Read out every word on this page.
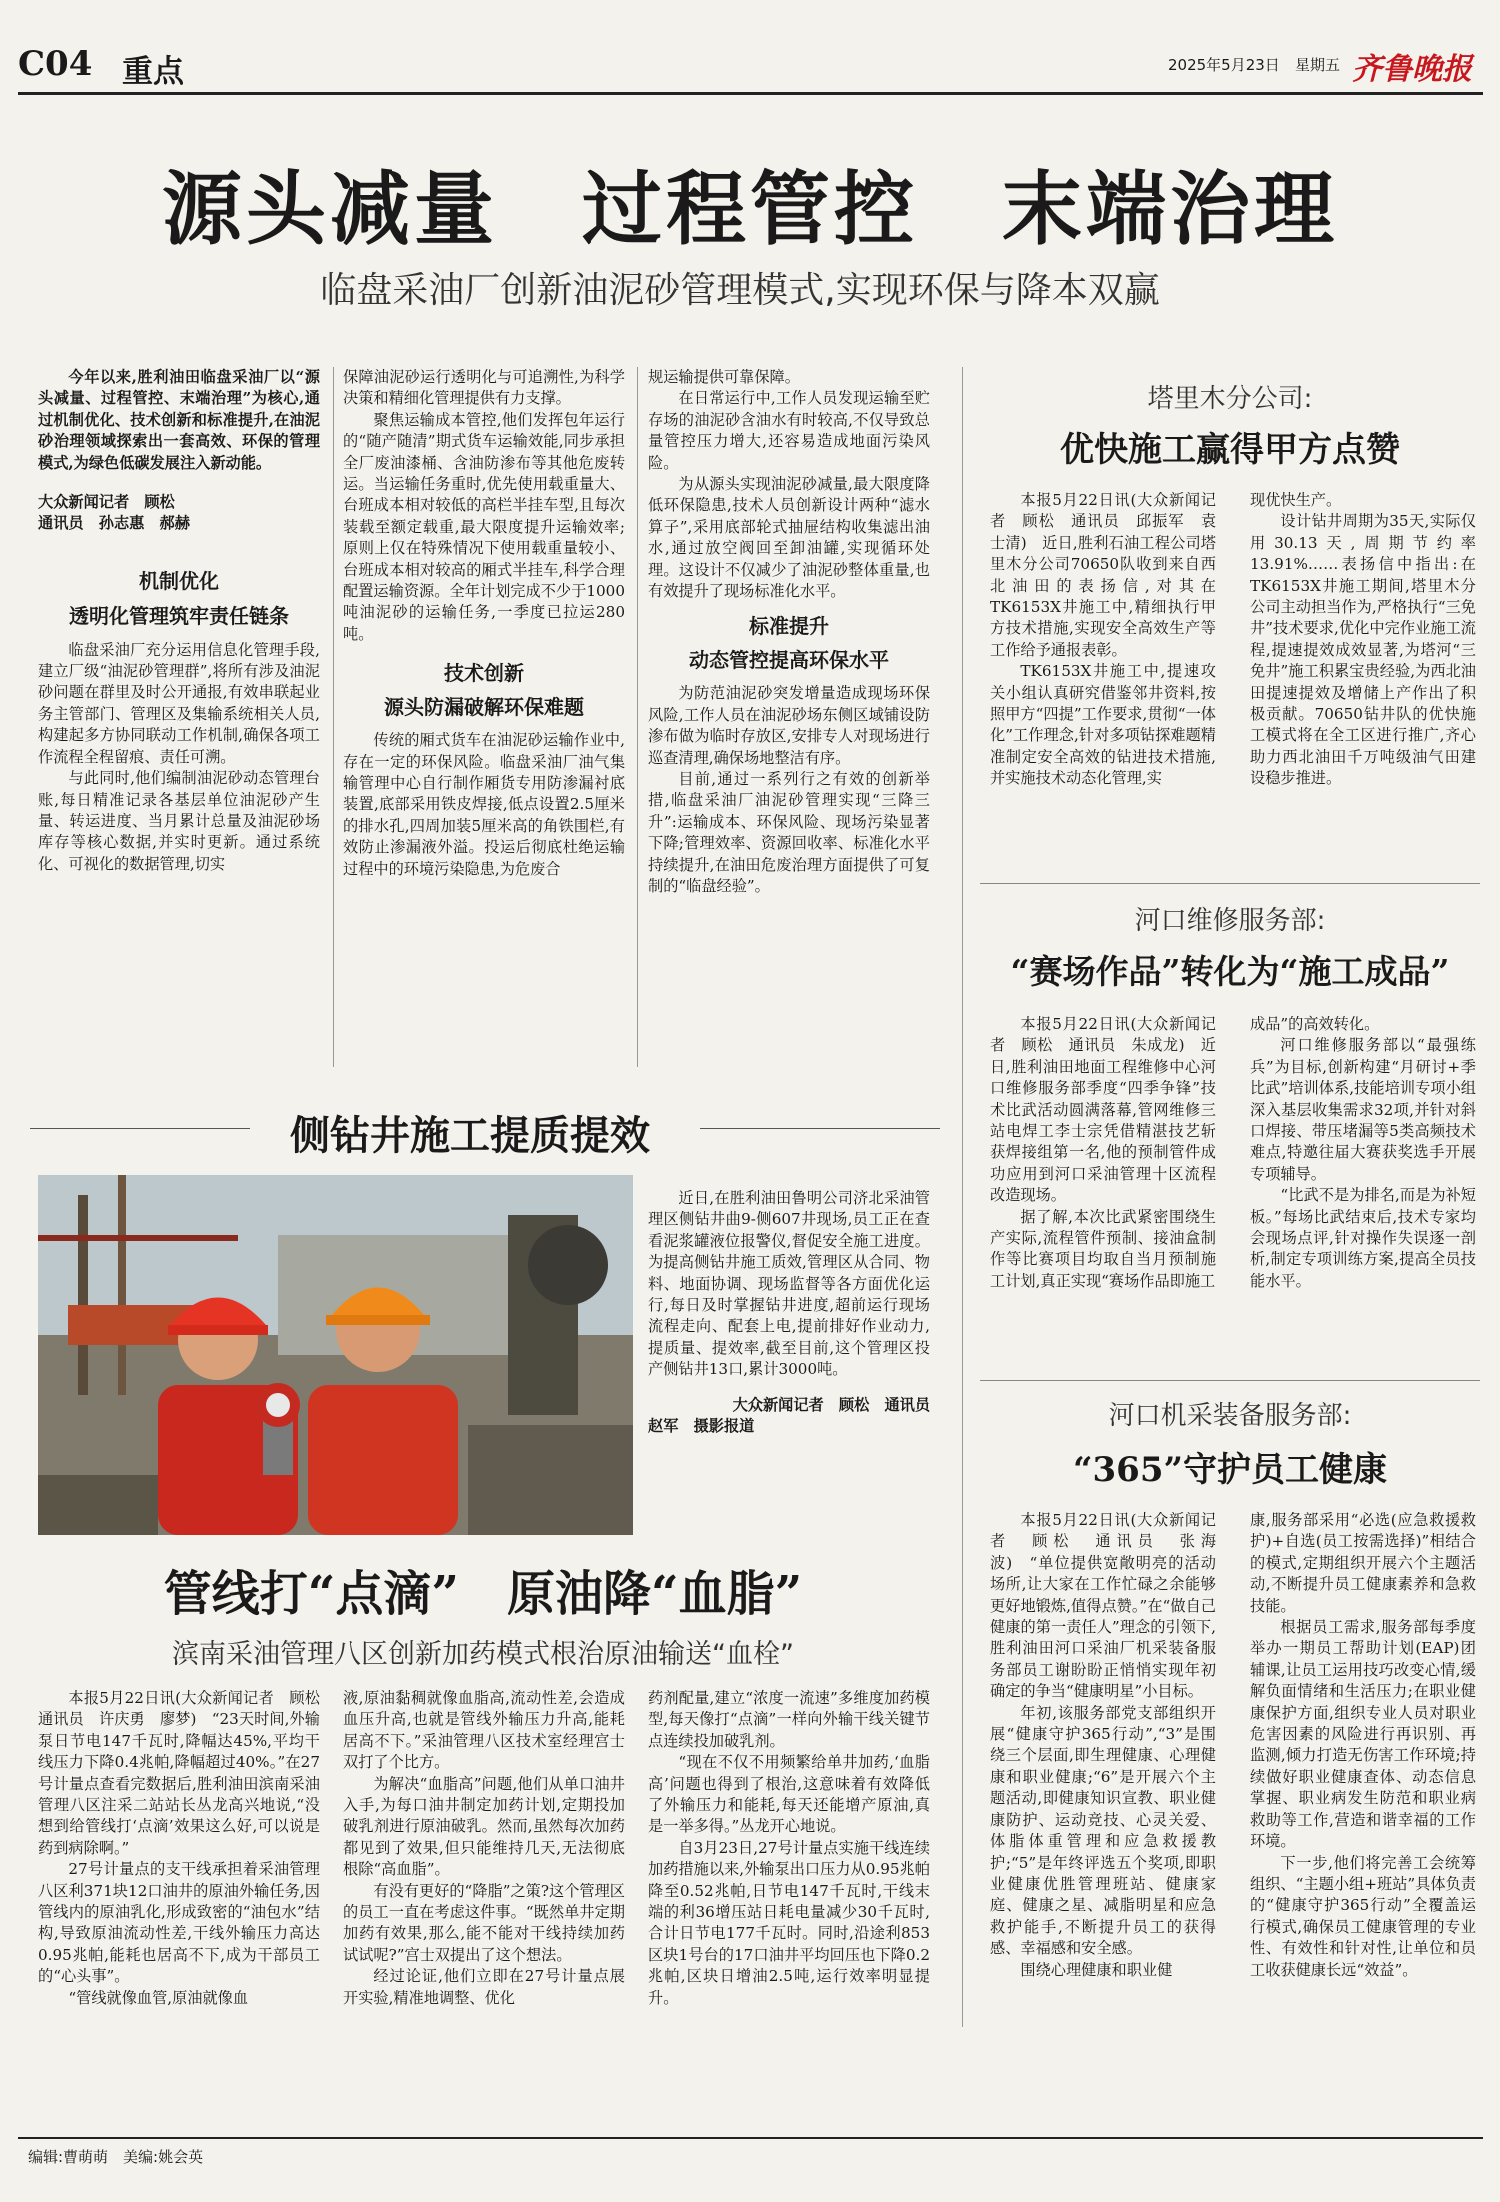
C04 重点	2025年5月23日 星期五 齐鲁晚报
源头减量　过程管控　末端治理
临盘采油厂创新油泥砂管理模式,实现环保与降本双赢

今年以来,胜利油田临盘采油厂以“源头减量、过程管控、末端治理”为核心,通过机制优化、技术创新和标准提升,在油泥砂治理领域探索出一套高效、环保的管理模式,为绿色低碳发展注入新动能。

大众新闻记者　顾松

通讯员　孙志惠　郝赫

机制优化

透明化管理筑牢责任链条

临盘采油厂充分运用信息化管理手段,建立厂级“油泥砂管理群”,将所有涉及油泥砂问题在群里及时公开通报,有效串联起业务主管部门、管理区及集输系统相关人员,构建起多方协同联动工作机制,确保各项工作流程全程留痕、责任可溯。

与此同时,他们编制油泥砂动态管理台账,每日精准记录各基层单位油泥砂产生量、转运进度、当月累计总量及油泥砂场库存等核心数据,并实时更新。通过系统化、可视化的数据管理,切实

保障油泥砂运行透明化与可追溯性,为科学决策和精细化管理提供有力支撑。

聚焦运输成本管控,他们发挥包年运行的“随产随清”期式货车运输效能,同步承担全厂废油漆桶、含油防渗布等其他危废转运。当运输任务重时,优先使用载重量大、台班成本相对较低的高栏半挂车型,且每次装载至额定载重,最大限度提升运输效率;原则上仅在特殊情况下使用载重量较小、台班成本相对较高的厢式半挂车,科学合理配置运输资源。全年计划完成不少于1000吨油泥砂的运输任务,一季度已拉运280吨。

技术创新

源头防漏破解环保难题

传统的厢式货车在油泥砂运输作业中,存在一定的环保风险。临盘采油厂油气集输管理中心自行制作厢货专用防渗漏衬底装置,底部采用铁皮焊接,低点设置2.5厘米的排水孔,四周加装5厘米高的角铁围栏,有效防止渗漏液外溢。投运后彻底杜绝运输过程中的环境污染隐患,为危废合

规运输提供可靠保障。

在日常运行中,工作人员发现运输至贮存场的油泥砂含油水有时较高,不仅导致总量管控压力增大,还容易造成地面污染风险。

为从源头实现油泥砂减量,最大限度降低环保隐患,技术人员创新设计两种“滤水算子”,采用底部轮式抽屉结构收集滤出油水,通过放空阀回至卸油罐,实现循环处理。这设计不仅减少了油泥砂整体重量,也有效提升了现场标准化水平。

标准提升

动态管控提高环保水平

为防范油泥砂突发增量造成现场环保风险,工作人员在油泥砂场东侧区域铺设防渗布做为临时存放区,安排专人对现场进行巡查清理,确保场地整洁有序。

目前,通过一系列行之有效的创新举措,临盘采油厂油泥砂管理实现“三降三升”:运输成本、环保风险、现场污染显著下降;管理效率、资源回收率、标准化水平持续提升,在油田危废治理方面提供了可复制的“临盘经验”。

塔里木分公司:
优快施工赢得甲方点赞

本报5月22日讯(大众新闻记者　顾松　通讯员　邱振军　袁士清)　近日,胜利石油工程公司塔里木分公司70650队收到来自西北油田的表扬信,对其在TK6153X井施工中,精细执行甲方技术措施,实现安全高效生产等工作给予通报表彰。

TK6153X井施工中,提速攻关小组认真研究借鉴邻井资料,按照甲方“四提”工作要求,贯彻“一体化”工作理念,针对多项钻探难题精准制定安全高效的钻进技术措施,并实施技术动态化管理,实

现优快生产。

设计钻井周期为35天,实际仅用30.13天,周期节约率13.91%……表扬信中指出:在TK6153X井施工期间,塔里木分公司主动担当作为,严格执行“三免井”技术要求,优化中完作业施工流程,提速提效成效显著,为塔河“三免井”施工积累宝贵经验,为西北油田提速提效及增储上产作出了积极贡献。70650钻井队的优快施工模式将在全工区进行推广,齐心助力西北油田千万吨级油气田建设稳步推进。

河口维修服务部:
“赛场作品”转化为“施工成品”

本报5月22日讯(大众新闻记者　顾松　通讯员　朱成龙)　近日,胜利油田地面工程维修中心河口维修服务部季度“四季争锋”技术比武活动圆满落幕,管网维修三站电焊工李士宗凭借精湛技艺斩获焊接组第一名,他的预制管件成功应用到河口采油管理十区流程改造现场。

据了解,本次比武紧密围绕生产实际,流程管件预制、接油盒制作等比赛项目均取自当月预制施工计划,真正实现“赛场作品即施工

成品”的高效转化。

河口维修服务部以“最强练兵”为目标,创新构建“月研讨+季比武”培训体系,技能培训专项小组深入基层收集需求32项,并针对斜口焊接、带压堵漏等5类高频技术难点,特邀往届大赛获奖选手开展专项辅导。

“比武不是为排名,而是为补短板。”每场比武结束后,技术专家均会现场点评,针对操作失误逐一剖析,制定专项训练方案,提高全员技能水平。

侧钻井施工提质提效

近日,在胜利油田鲁明公司济北采油管理区侧钻井曲9-侧607井现场,员工正在查看泥浆罐液位报警仪,督促安全施工进度。为提高侧钻井施工质效,管理区从合同、物料、地面协调、现场监督等各方面优化运行,每日及时掌握钻井进度,超前运行现场流程走向、配套上电,提前排好作业动力,提质量、提效率,截至目前,这个管理区投产侧钻井13口,累计3000吨。

大众新闻记者　顾松　通讯员

赵军　摄影报道

管线打“点滴”　原油降“血脂”
滨南采油管理八区创新加药模式根治原油输送“血栓”

本报5月22日讯(大众新闻记者　顾松　通讯员　许庆勇　廖梦)　“23天时间,外输泵日节电147千瓦时,降幅达45%,平均干线压力下降0.4兆帕,降幅超过40%。”在27号计量点查看完数据后,胜利油田滨南采油管理八区注采二站站长丛龙高兴地说,“没想到给管线打‘点滴’效果这么好,可以说是药到病除啊。”

27号计量点的支干线承担着采油管理八区利371块12口油井的原油外输任务,因管线内的原油乳化,形成致密的“油包水”结构,导致原油流动性差,干线外输压力高达0.95兆帕,能耗也居高不下,成为干部员工的“心头事”。

“管线就像血管,原油就像血

液,原油黏稠就像血脂高,流动性差,会造成血压升高,也就是管线外输压力升高,能耗居高不下。”采油管理八区技术室经理宫士双打了个比方。

为解决“血脂高”问题,他们从单口油井入手,为每口油井制定加药计划,定期投加破乳剂进行原油破乳。然而,虽然每次加药都见到了效果,但只能维持几天,无法彻底根除“高血脂”。

有没有更好的“降脂”之策?这个管理区的员工一直在考虑这件事。“既然单井定期加药有效果,那么,能不能对干线持续加药试试呢?”宫士双提出了这个想法。

经过论证,他们立即在27号计量点展开实验,精准地调整、优化

药剂配量,建立“浓度一流速”多维度加药模型,每天像打“点滴”一样向外输干线关键节点连续投加破乳剂。

“现在不仅不用频繁给单井加药,‘血脂高’问题也得到了根治,这意味着有效降低了外输压力和能耗,每天还能增产原油,真是一举多得。”丛龙开心地说。

自3月23日,27号计量点实施干线连续加药措施以来,外输泵出口压力从0.95兆帕降至0.52兆帕,日节电147千瓦时,干线末端的利36增压站日耗电量减少30千瓦时,合计日节电177千瓦时。同时,沿途利853区块1号台的17口油井平均回压也下降0.2兆帕,区块日增油2.5吨,运行效率明显提升。

河口机采装备服务部:
“365”守护员工健康

本报5月22日讯(大众新闻记者　顾松　通讯员　张海波)　“单位提供宽敞明亮的活动场所,让大家在工作忙碌之余能够更好地锻炼,值得点赞。”在“做自己健康的第一责任人”理念的引领下,胜利油田河口采油厂机采装备服务部员工谢盼盼正悄悄实现年初确定的争当“健康明星”小目标。

年初,该服务部党支部组织开展“健康守护365行动”,“3”是围绕三个层面,即生理健康、心理健康和职业健康;“6”是开展六个主题活动,即健康知识宣教、职业健康防护、运动竞技、心灵关爱、体脂体重管理和应急救援教护;“5”是年终评选五个奖项,即职业健康优胜管理班站、健康家庭、健康之星、减脂明星和应急救护能手,不断提升员工的获得感、幸福感和安全感。

围绕心理健康和职业健

康,服务部采用“必选(应急救援救护)+自选(员工按需选择)”相结合的模式,定期组织开展六个主题活动,不断提升员工健康素养和急救技能。

根据员工需求,服务部每季度举办一期员工帮助计划(EAP)团辅课,让员工运用技巧改变心情,缓解负面情绪和生活压力;在职业健康保护方面,组织专业人员对职业危害因素的风险进行再识别、再监测,倾力打造无伤害工作环境;持续做好职业健康查体、动态信息掌握、职业病发生防范和职业病救助等工作,营造和谐幸福的工作环境。

下一步,他们将完善工会统筹组织、“主题小组+班站”具体负责的“健康守护365行动”全覆盖运行模式,确保员工健康管理的专业性、有效性和针对性,让单位和员工收获健康长远“效益”。

编辑:曹萌萌　美编:姚会英
